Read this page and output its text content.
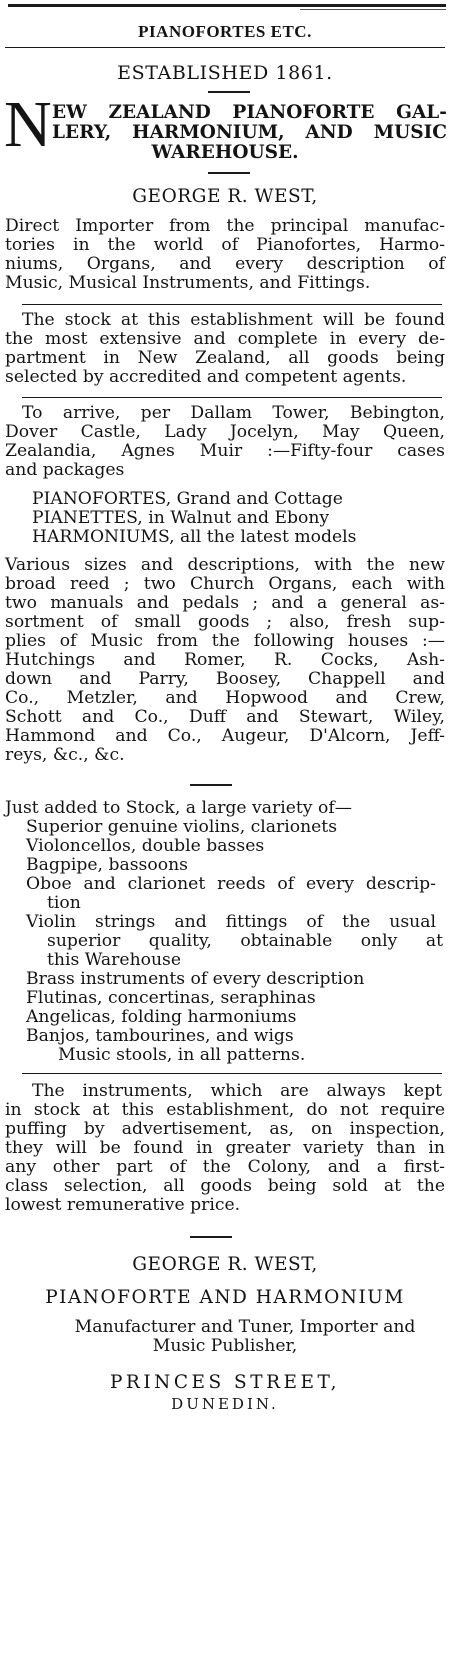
PIANOFORTES ETC.
ESTABLISHED 1861.
N EW ZEALAND PIANOFORTE GAL-
LERY, HARMONIUM, AND MUSIC
WAREHOUSE.
GEORGE R. WEST,
Direct Importer from the principal manufac-
tories in the world of Pianofortes, Harmo-
niums, Organs, and every description of
Music, Musical Instruments, and Fittings.
The stock at this establishment will be found
the most extensive and complete in every de-
partment in New Zealand, all goods being
selected by accredited and competent agents.
To arrive, per Dallam Tower, Bebington,
Dover Castle, Lady Jocelyn, May Queen,
Zealandia, Agnes Muir :—Fifty-four cases
and packages
PIANOFORTES, Grand and Cottage
PIANETTES, in Walnut and Ebony
HARMONIUMS, all the latest models
Various sizes and descriptions, with the new
broad reed ; two Church Organs, each with
two manuals and pedals ; and a general as-
sortment of small goods ; also, fresh sup-
plies of Music from the following houses :—
Hutchings and Romer, R. Cocks, Ash-
down and Parry, Boosey, Chappell and
Co., Metzler, and Hopwood and Crew,
Schott and Co., Duff and Stewart, Wiley,
Hammond and Co., Augeur, D'Alcorn, Jeff-
reys, &c., &c.
Just added to Stock, a large variety of—
Superior genuine violins, clarionets
Violoncellos, double basses
Bagpipe, bassoons
Oboe and clarionet reeds of every descrip-
tion
Violin strings and fittings of the usual
superior quality, obtainable only at
this Warehouse
Brass instruments of every description
Flutinas, concertinas, seraphinas
Angelicas, folding harmoniums
Banjos, tambourines, and wigs
Music stools, in all patterns.
The instruments, which are always kept
in stock at this establishment, do not require
puffing by advertisement, as, on inspection,
they will be found in greater variety than in
any other part of the Colony, and a first-
class selection, all goods being sold at the
lowest remunerative price.
GEORGE R. WEST,
PIANOFORTE AND HARMONIUM
Manufacturer and Tuner, Importer and
Music Publisher,
PRINCES STREET,
DUNEDIN.
